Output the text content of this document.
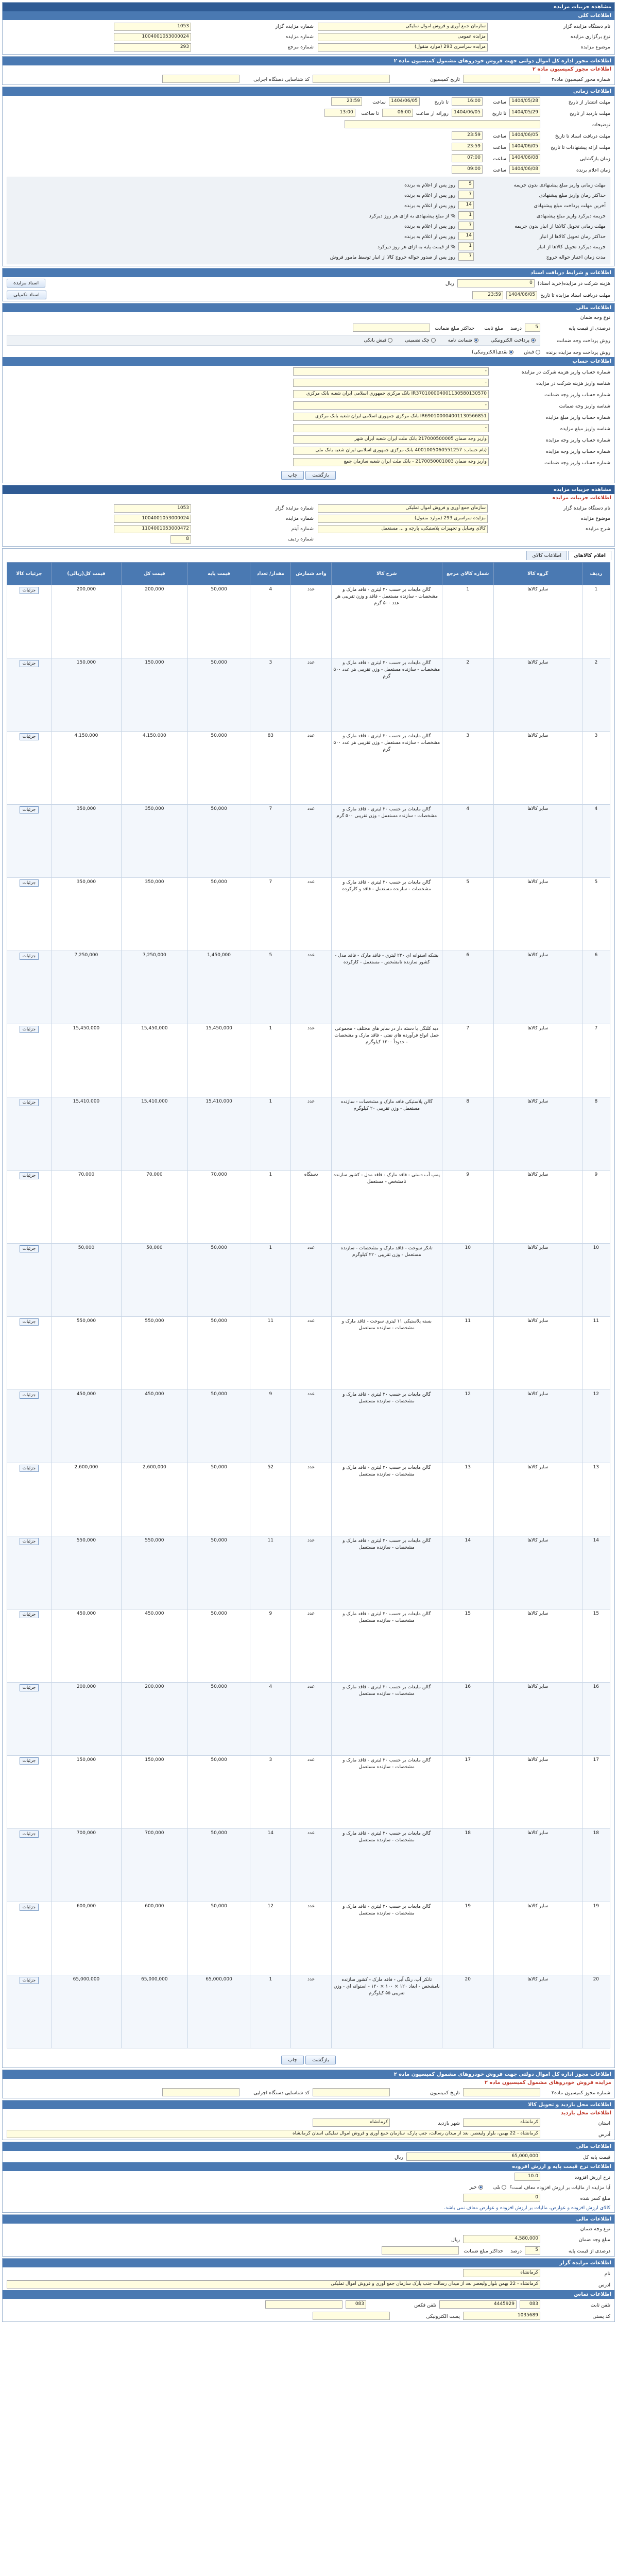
مشاهده جزییات مزایده
اطلاعات کلی
نام دستگاه مزایده گزار
سازمان جمع آوری و فروش اموال تملیکی
شماره مزایده گزار
1053
نوع برگزاری مزایده
مزایده عمومی
شماره مزایده
1004001053000024
موضوع مزایده
مزایده سراسری 293 (موارد منقول)
شماره مرجع
293
اطلاعات مجوز اداره کل اموال دولتی جهت فروش خودروهای مشمول کمیسیون ماده ۲
اطلاعات مجوز کمیسیون ماده ۲
شماره مجوز کمیسیون ماده۲
تاریخ کمیسیون
کد شناسایی دستگاه اجرایی
اطلاعات زمانی
مهلت انتشار از تاریخ
1404/05/28
ساعت
16:00
تا تاریخ
1404/06/05
ساعت
23:59
مهلت بازدید از تاریخ
1404/05/29
تا تاریخ
1404/06/05
روزانه از ساعت
06:00
تا ساعت
13:00
توضیحات
مهلت دریافت اسناد تا تاریخ
1404/06/05
ساعت
23:59
مهلت ارائه پیشنهادات تا تاریخ
1404/06/05
ساعت
23:59
زمان بازگشایی
1404/06/08
ساعت
07:00
زمان اعلام برنده
1404/06/08
ساعت
09:00
مهلت زمانی واریز مبلغ پیشنهادی بدون جریمه
5
روز پس از اعلام به برنده
حداکثر زمان واریز مبلغ پیشنهادی
7
روز پس از اعلام به برنده
آخرین مهلت پرداخت مبلغ پیشنهادی
14
روز پس از اعلام به برنده
جریمه دیرکرد واریز مبلغ پیشنهادی
1
% از مبلغ پیشنهادی به ازای هر روز دیرکرد
مهلت زمانی تحویل کالاها از انبار بدون جریمه
7
روز پس از اعلام به برنده
حداکثر زمان تحویل کالاها از انبار
14
روز پس از اعلام به برنده
جریمه دیرکرد تحویل کالاها از انبار
1
% از قیمت پایه به ازای هر روز دیرکرد
مدت زمان اعتبار حواله خروج
7
روز پس از صدور حواله خروج کالا از انبار توسط مامور فروش
اطلاعات و شرایط دریافت اسناد
هزینه شرکت در مزایده(خرید اسناد)
0
ریال
اسناد مزایده
مهلت دریافت اسناد مزایده تا تاریخ
1404/06/05
23:59
اسناد تکمیلی
اطلاعات مالی
نوع وجه ضمان
درصدی از قیمت پایه
5
درصد
مبلغ ثابت
حداکثر مبلغ ضمانت
روش پرداخت وجه ضمانت
پرداخت الکترونیکی
ضمانت نامه
چک تضمینی
فیش بانکی
روش پرداخت وجه مزایده برنده
فیش
نقدی(الکترونیکی)
اطلاعات حساب
شماره حساب واریز هزینه شرکت در مزایده
-
شناسه واریز هزینه شرکت در مزایده
-
شماره حساب واریز وجه ضمانت
IR370100004001130580130570 بانک مرکزی جمهوری اسلامی ایران شعبه بانک مرکزی
شناسه واریز وجه ضمانت
-
شماره حساب واریز مبلغ مزایده
IR690100004001130566851 بانک مرکزی جمهوری اسلامی ایران شعبه بانک مرکزی
شناسه واریز مبلغ مزایده
-
شماره حساب واریز وجه مزایده
واریز وجه ضمان 217000500005 بانک ملت ایران شعبه ایران شهر
شماره حساب واریز وجه مزایده
(نام حساب: 4001005060551257 بانک مرکزی جمهوری اسلامی ایران شعبه بانک ملی
شماره حساب واریز وجه ضمانت
واریز وجه ضمان 2170050001003 - بانک ملت ایران شعبه سازمان جمع
بازگشت چاپ
مشاهده جزییات مزایده
اطلاعات جزییات مزایده
نام دستگاه مزایده گزار
سازمان جمع آوری و فروش اموال تملیکی
شماره مزایده گزار
1053
موضوع مزایده
مزایده سراسری 293 (موارد منقول)
شماره مزایده
1004001053000024
شرح مزایده
کالای وسایل و تجهیزات پلاستیکی، پارچه و ... مستعمل
شماره آیتم
1104001053000472
شماره ردیف
8
اقلام کالاهای
اطلاعات کالای
ردیف	گروه کالا	شماره کالای مرجع	شرح کالا	واحد شمارش	مقدار/ تعداد	قیمت پایه	قیمت کل	قیمت کل(ریالی)	جزئیات کالا
1	سایر کالاها	1	گالن مایعات بر حسب ۲۰ لیتری - فاقد مارک و مشخصات - سازنده مستعمل - فاقد و وزن تقریبی هر عدد ۵۰۰ گرم	عدد	4	50,000	200,000	200,000	جزئیات
2	سایر کالاها	2	گالن مایعات بر حسب ۲۰ لیتری - فاقد مارک و مشخصات - سازنده مستعمل - وزن تقریبی هر عدد ۵۰۰ گرم	عدد	3	50,000	150,000	150,000	جزئیات
3	سایر کالاها	3	گالن مایعات بر حسب ۲۰ لیتری - فاقد مارک و مشخصات - سازنده مستعمل - وزن تقریبی هر عدد ۵۰۰ گرم	عدد	83	50,000	4,150,000	4,150,000	جزئیات
4	سایر کالاها	4	گالن مایعات بر حسب ۲۰ لیتری - فاقد مارک و مشخصات - سازنده مستعمل - وزن تقریبی ۵۰۰ گرم	عدد	7	50,000	350,000	350,000	جزئیات
5	سایر کالاها	5	گالن مایعات بر حسب ۲۰ لیتری - فاقد مارک و مشخصات - سازنده مستعمل - فاقد و کارکرده	عدد	7	50,000	350,000	350,000	جزئیات
6	سایر کالاها	6	بشکه استوانه ای ۲۲۰ لیتری - فاقد مارک - فاقد مدل - کشور سازنده نامشخص - مستعمل - کارکرده	عدد	5	1,450,000	7,250,000	7,250,000	جزئیات
7	سایر کالاها	7	دبه کلنگی یا دسته دار در سایز های مختلف - مجموعی حمل انواع فرآورده های نفتی - فاقد مارک و مشخصات - حدوداً ۱۲۰۰ کیلوگرم	عدد	1	15,450,000	15,450,000	15,450,000	جزئیات
8	سایر کالاها	8	گالن پلاستیکی فاقد مارک و مشخصات - سازنده مستعمل - وزن تقریبی ۲۰ کیلوگرم	عدد	1	15,410,000	15,410,000	15,410,000	جزئیات
9	سایر کالاها	9	پمپ آب دستی - فاقد مارک - فاقد مدل - کشور سازنده نامشخص - مستعمل	دستگاه	1	70,000	70,000	70,000	جزئیات
10	سایر کالاها	10	تانکر سوخت - فاقد مارک و مشخصات - سازنده مستعمل - وزن تقریبی ۲۲۰ کیلوگرم	عدد	1	50,000	50,000	50,000	جزئیات
11	سایر کالاها	11	بسته پلاستیکی ۱۱ لیتری سوخت - فاقد مارک و مشخصات - سازنده مستعمل	عدد	11	50,000	550,000	550,000	جزئیات
12	سایر کالاها	12	گالن مایعات بر حسب ۲۰ لیتری - فاقد مارک و مشخصات - سازنده مستعمل	عدد	9	50,000	450,000	450,000	جزئیات
13	سایر کالاها	13	گالن مایعات بر حسب ۲۰ لیتری - فاقد مارک و مشخصات - سازنده مستعمل	عدد	52	50,000	2,600,000	2,600,000	جزئیات
14	سایر کالاها	14	گالن مایعات بر حسب ۲۰ لیتری - فاقد مارک و مشخصات - سازنده مستعمل	عدد	11	50,000	550,000	550,000	جزئیات
15	سایر کالاها	15	گالن مایعات بر حسب ۲۰ لیتری - فاقد مارک و مشخصات - سازنده مستعمل	عدد	9	50,000	450,000	450,000	جزئیات
16	سایر کالاها	16	گالن مایعات بر حسب ۲۰ لیتری - فاقد مارک و مشخصات - سازنده مستعمل	عدد	4	50,000	200,000	200,000	جزئیات
17	سایر کالاها	17	گالن مایعات بر حسب ۲۰ لیتری - فاقد مارک و مشخصات - سازنده مستعمل	عدد	3	50,000	150,000	150,000	جزئیات
18	سایر کالاها	18	گالن مایعات بر حسب ۲۰ لیتری - فاقد مارک و مشخصات - سازنده مستعمل	عدد	14	50,000	700,000	700,000	جزئیات
19	سایر کالاها	19	گالن مایعات بر حسب ۲۰ لیتری - فاقد مارک و مشخصات - سازنده مستعمل	عدد	12	50,000	600,000	600,000	جزئیات
20	سایر کالاها	20	تانکر آب، رنگ آبی - فاقد مارک - کشور سازنده نامشخص - ابعاد ۱۲۰ × ۱۰۰ × ۱۲۰ - استوانه ای - وزن تقریبی ۵۵ کیلوگرم	عدد	1	65,000,000	65,000,000	65,000,000	جزئیات
بازگشت چاپ
اطلاعات مجوز اداره کل اموال دولتی جهت فروش خودروهای مشمول کمیسیون ماده ۲
مزایده فروش خودروهای مشمول کمیسیون ماده ۲
شماره مجوز کمیسیون ماده۲
تاریخ کمیسیون
کد شناسایی دستگاه اجرایی
اطلاعات محل بازدید و تحویل کالا
اطلاعات محل بازدید
استان
کرمانشاه
شهر بازدید
کرمانشاه
آدرس
کرمانشاه - 22 بهمن، بلوار ولیعصر، بعد از میدان رسالت، جنب پارک، سازمان جمع آوری و فروش اموال تملیکی استان کرمانشاه
اطلاعات مالی
قیمت پایه کل
65,000,000
ریال
اطلاعات نرخ قیمت پایه و ارزش افزوده
نرخ ارزش افزوده
10.0
آیا مزایده از مالیات بر ارزش افزوده معاف است؟
بلی
خیر
مبلغ کسر شده
0
کالای ارزش افزوده و عوارض، مالیات بر ارزش افزوده و عوارض معاف نمی باشد.
اطلاعات مالی
نوع وجه ضمان
مبلغ وجه ضمان
4,580,000
ریال
درصدی از قیمت پایه
5
درصد
حداکثر مبلغ ضمانت
اطلاعات مزایده گزار
نام
کرمانشاه
آدرس
کرمانشاه - 22 بهمن بلوار ولیعصر بعد از میدان رسالت جنب پارک سازمان جمع آوری و فروش اموال تملیکی
اطلاعات تماس
تلفن ثابت
083
4445929
تلفن فکس
083
کد پستی
1035689
پست الکترونیکی
